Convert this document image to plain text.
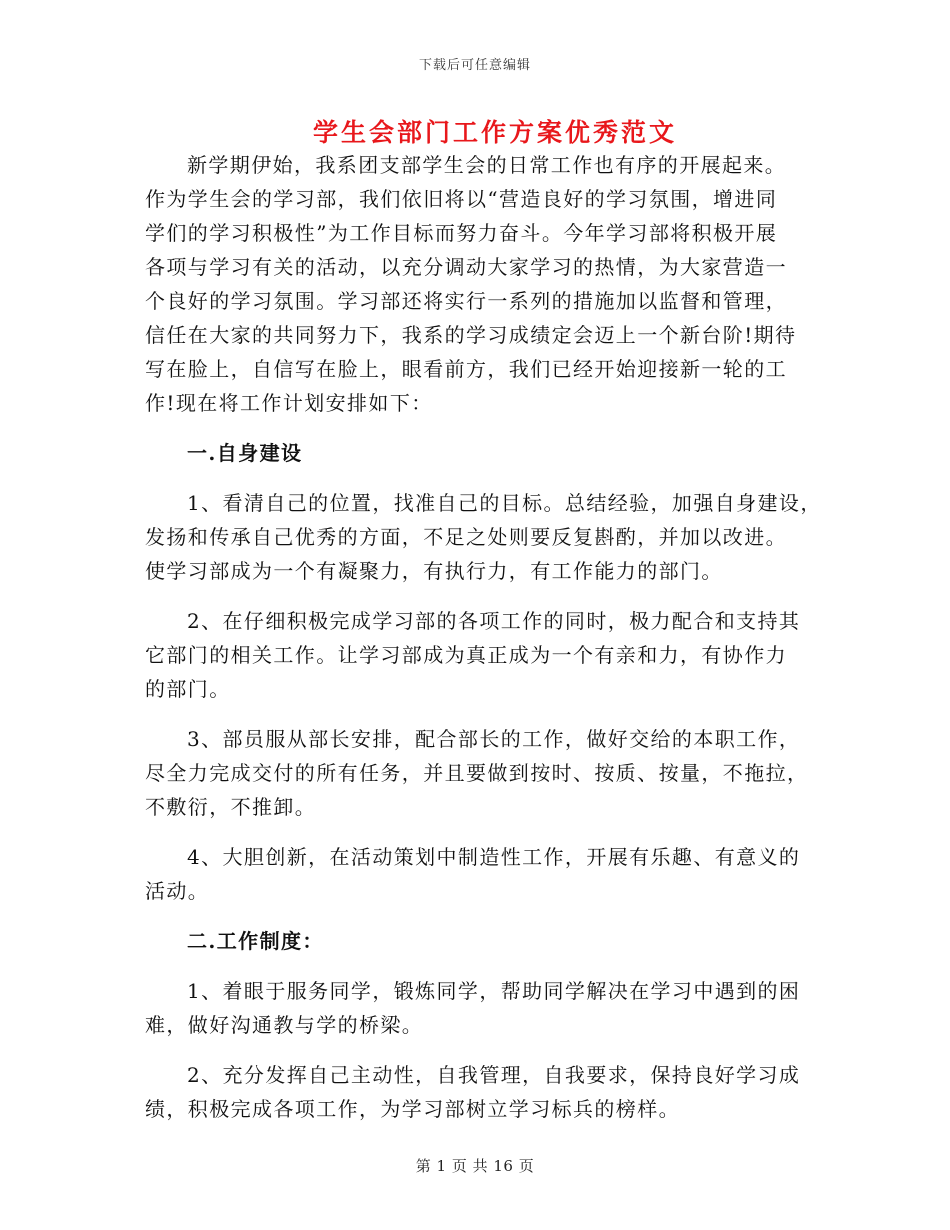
下载后可任意编辑
学生会部门工作方案优秀范文
新学期伊始，我系团支部学生会的日常工作也有序的开展起来。
作为学生会的学习部，我们依旧将以“营造良好的学习氛围，增进同
学们的学习积极性”为工作目标而努力奋斗。今年学习部将积极开展
各项与学习有关的活动，以充分调动大家学习的热情，为大家营造一
个良好的学习氛围。学习部还将实行一系列的措施加以监督和管理，
信任在大家的共同努力下，我系的学习成绩定会迈上一个新台阶!期待
写在脸上，自信写在脸上，眼看前方，我们已经开始迎接新一轮的工
作!现在将工作计划安排如下：
一.自身建设
1、看清自己的位置，找准自己的目标。总结经验，加强自身建设，
发扬和传承自己优秀的方面，不足之处则要反复斟酌，并加以改进。
使学习部成为一个有凝聚力，有执行力，有工作能力的部门。
2、在仔细积极完成学习部的各项工作的同时，极力配合和支持其
它部门的相关工作。让学习部成为真正成为一个有亲和力，有协作力
的部门。
3、部员服从部长安排，配合部长的工作，做好交给的本职工作，
尽全力完成交付的所有任务，并且要做到按时、按质、按量，不拖拉，
不敷衍，不推卸。
4、大胆创新，在活动策划中制造性工作，开展有乐趣、有意义的
活动。
二.工作制度：
1、着眼于服务同学，锻炼同学，帮助同学解决在学习中遇到的困
难，做好沟通教与学的桥梁。
2、充分发挥自己主动性，自我管理，自我要求，保持良好学习成
绩，积极完成各项工作，为学习部树立学习标兵的榜样。
第 1 页 共 16 页
